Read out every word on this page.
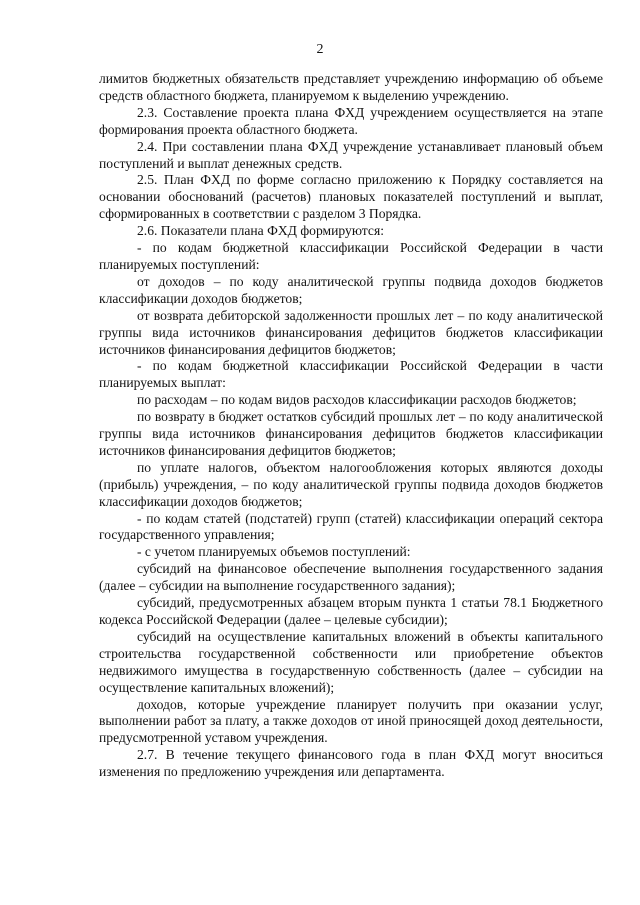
2

лимитов бюджетных обязательств представляет учреждению информацию об объеме средств областного бюджета, планируемом к выделению учреждению.

2.3. Составление проекта плана ФХД учреждением осуществляется на этапе формирования проекта областного бюджета.

2.4. При составлении плана ФХД учреждение устанавливает плановый объем поступлений и выплат денежных средств.

2.5. План ФХД по форме согласно приложению к Порядку составляется на основании обоснований (расчетов) плановых показателей поступлений и выплат, сформированных в соответствии с разделом 3 Порядка.

2.6. Показатели плана ФХД формируются:

- по кодам бюджетной классификации Российской Федерации в части планируемых поступлений:

от доходов – по коду аналитической группы подвида доходов бюджетов классификации доходов бюджетов;

от возврата дебиторской задолженности прошлых лет – по коду аналитической группы вида источников финансирования дефицитов бюджетов классификации источников финансирования дефицитов бюджетов;

- по кодам бюджетной классификации Российской Федерации в части планируемых выплат:

по расходам – по кодам видов расходов классификации расходов бюджетов;

по возврату в бюджет остатков субсидий прошлых лет – по коду аналитической группы вида источников финансирования дефицитов бюджетов классификации источников финансирования дефицитов бюджетов;

по уплате налогов, объектом налогообложения которых являются доходы (прибыль) учреждения, – по коду аналитической группы подвида доходов бюджетов классификации доходов бюджетов;

- по кодам статей (подстатей) групп (статей) классификации операций сектора государственного управления;

- с учетом планируемых объемов поступлений:

субсидий на финансовое обеспечение выполнения государственного задания (далее – субсидии на выполнение государственного задания);

субсидий, предусмотренных абзацем вторым пункта 1 статьи 78.1 Бюджетного кодекса Российской Федерации (далее – целевые субсидии);

субсидий на осуществление капитальных вложений в объекты капитального строительства государственной собственности или приобретение объектов недвижимого имущества в государственную собственность (далее – субсидии на осуществление капитальных вложений);

доходов, которые учреждение планирует получить при оказании услуг, выполнении работ за плату, а также доходов от иной приносящей доход деятельности, предусмотренной уставом учреждения.

2.7. В течение текущего финансового года в план ФХД могут вноситься изменения по предложению учреждения или департамента.
